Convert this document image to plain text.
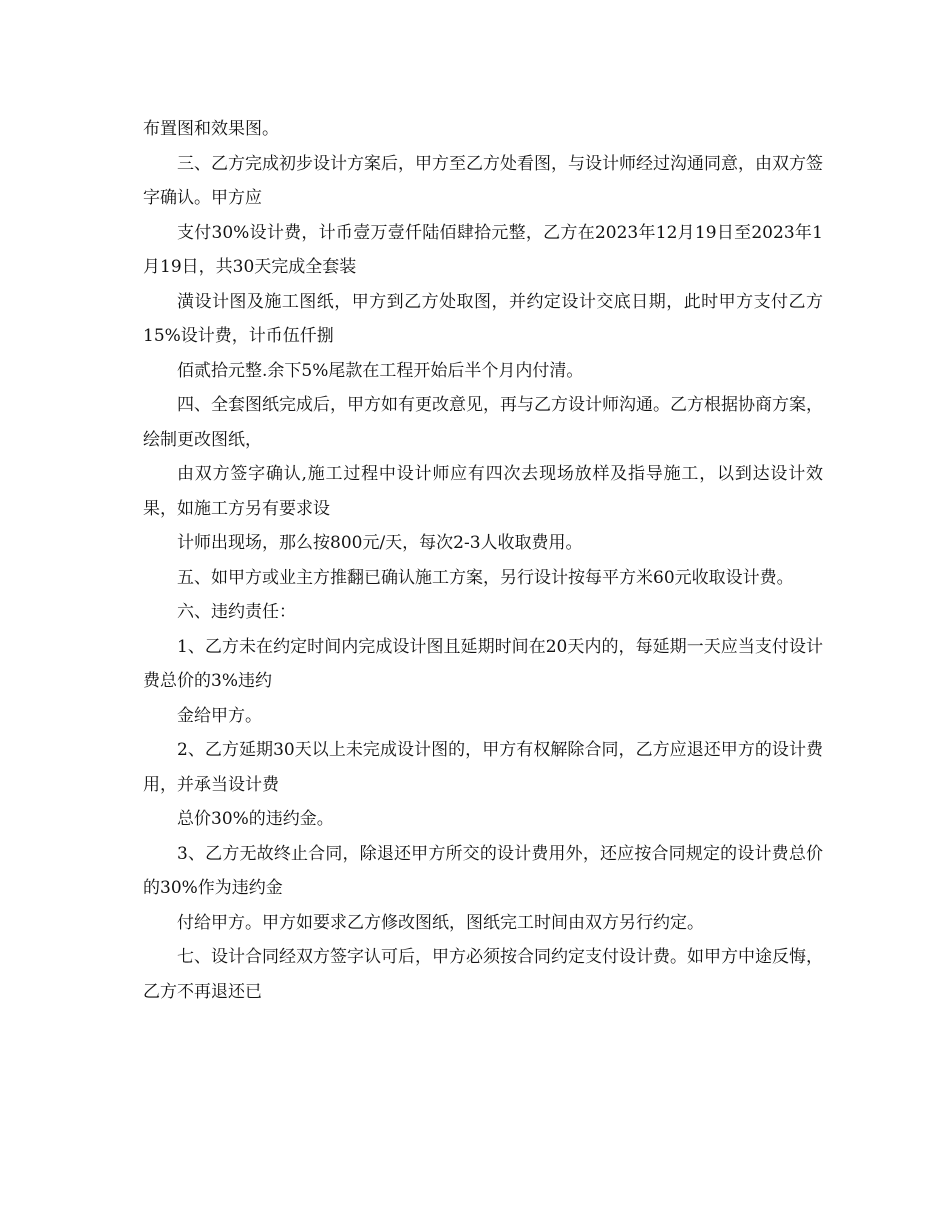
布置图和效果图。

三、乙方完成初步设计方案后，甲方至乙方处看图，与设计师经过沟通同意，由双方签字确认。甲方应

支付30%设计费，计币壹万壹仟陆佰肆拾元整，乙方在2023年12月19日至2023年1月19日，共30天完成全套装

潢设计图及施工图纸，甲方到乙方处取图，并约定设计交底日期，此时甲方支付乙方15%设计费，计币伍仟捌

佰贰拾元整.余下5%尾款在工程开始后半个月内付清。

四、全套图纸完成后，甲方如有更改意见，再与乙方设计师沟通。乙方根据协商方案，绘制更改图纸，

由双方签字确认,施工过程中设计师应有四次去现场放样及指导施工，以到达设计效果，如施工方另有要求设

计师出现场，那么按800元/天，每次2-3人收取费用。

五、如甲方或业主方推翻已确认施工方案，另行设计按每平方米60元收取设计费。

六、违约责任：

1、乙方未在约定时间内完成设计图且延期时间在20天内的，每延期一天应当支付设计费总价的3%违约

金给甲方。

2、乙方延期30天以上未完成设计图的，甲方有权解除合同，乙方应退还甲方的设计费用，并承当设计费

总价30%的违约金。

3、乙方无故终止合同，除退还甲方所交的设计费用外，还应按合同规定的设计费总价的30%作为违约金

付给甲方。甲方如要求乙方修改图纸，图纸完工时间由双方另行约定。

七、设计合同经双方签字认可后，甲方必须按合同约定支付设计费。如甲方中途反悔，乙方不再退还已
